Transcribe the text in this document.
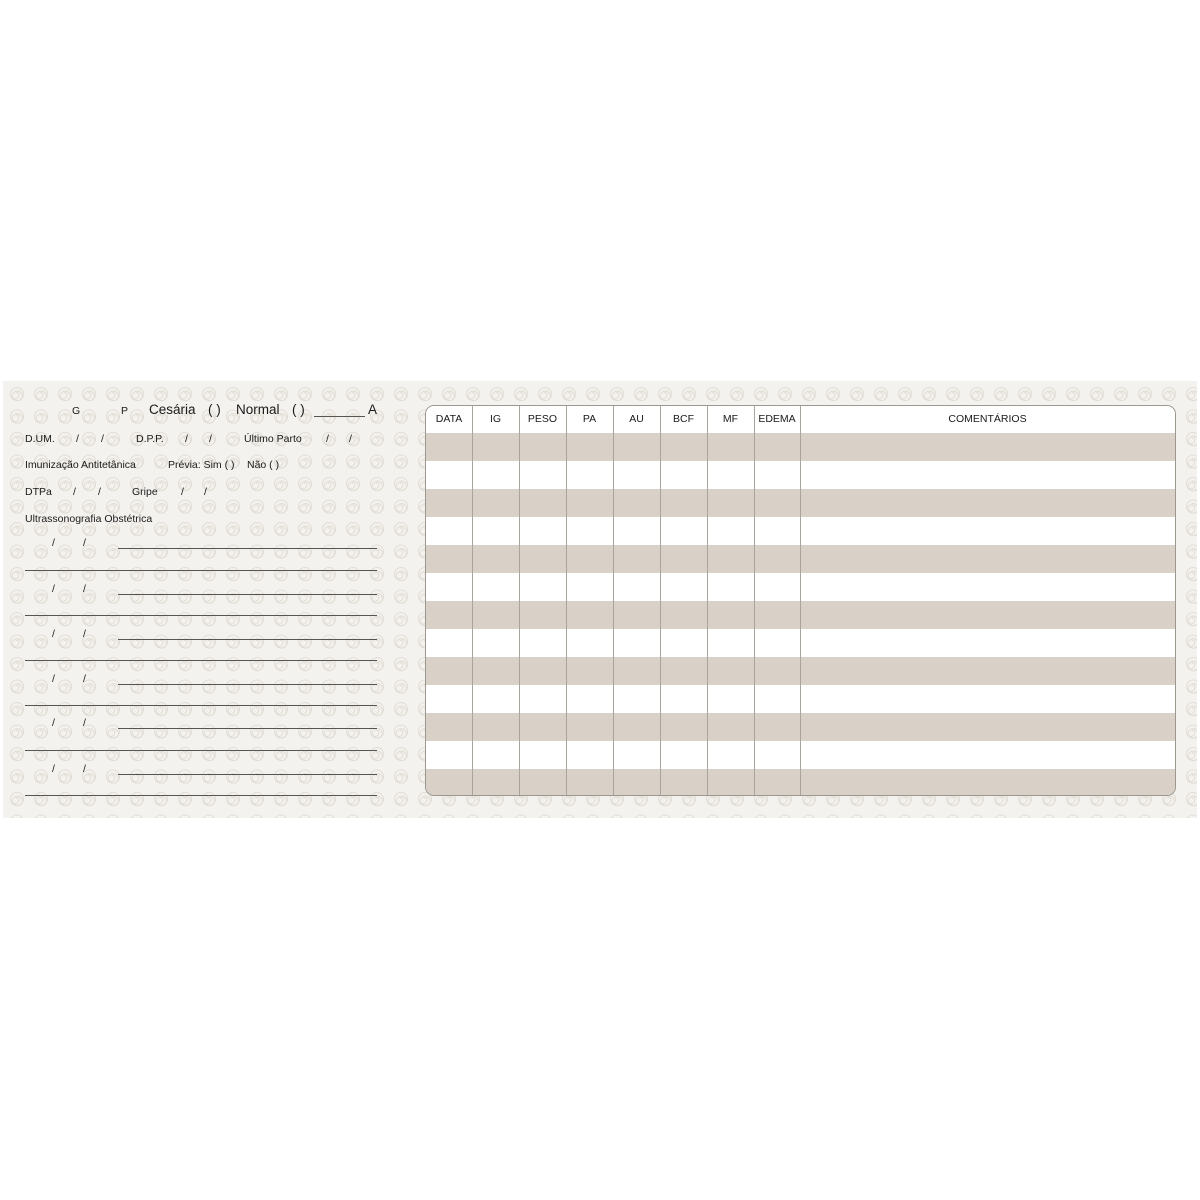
G	P Cesária ( ) Normal ( )	A
D.UM. / /	D.P.P. / /	Último Parto / /
Imunização Antitetânica	Prévia: Sim ( ) Não ( )
DTPa / /	Gripe / /
Ultrassonografia Obstétrica
/	/
/	/
/	/
/	/
/	/
/	/
DATA	IG	PESO	PA	AU	BCF	MF	EDEMA	COMENTÁRIOS
